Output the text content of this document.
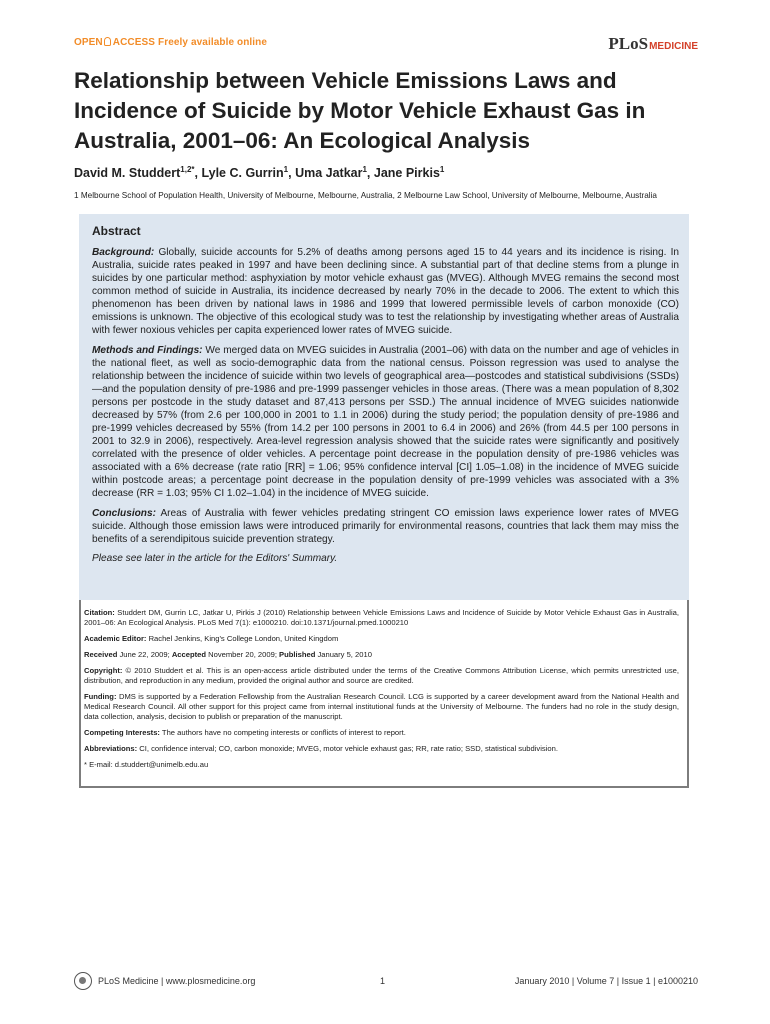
OPEN ACCESS Freely available online	PLoSMEDICINE
Relationship between Vehicle Emissions Laws and Incidence of Suicide by Motor Vehicle Exhaust Gas in Australia, 2001–06: An Ecological Analysis
David M. Studdert$^{1,2*}$, Lyle C. Gurrin$^1$, Uma Jatkar$^1$, Jane Pirkis$^1$
1 Melbourne School of Population Health, University of Melbourne, Melbourne, Australia, 2 Melbourne Law School, University of Melbourne, Melbourne, Australia
Abstract

Background: Globally, suicide accounts for 5.2% of deaths among persons aged 15 to 44 years and its incidence is rising. In Australia, suicide rates peaked in 1997 and have been declining since. A substantial part of that decline stems from a plunge in suicides by one particular method: asphyxiation by motor vehicle exhaust gas (MVEG). Although MVEG remains the second most common method of suicide in Australia, its incidence decreased by nearly 70% in the decade to 2006. The extent to which this phenomenon has been driven by national laws in 1986 and 1999 that lowered permissible levels of carbon monoxide (CO) emissions is unknown. The objective of this ecological study was to test the relationship by investigating whether areas of Australia with fewer noxious vehicles per capita experienced lower rates of MVEG suicide.

Methods and Findings: We merged data on MVEG suicides in Australia (2001–06) with data on the number and age of vehicles in the national fleet, as well as socio-demographic data from the national census. Poisson regression was used to analyse the relationship between the incidence of suicide within two levels of geographical area—postcodes and statistical subdivisions (SSDs)—and the population density of pre-1986 and pre-1999 passenger vehicles in those areas. (There was a mean population of 8,302 persons per postcode in the study dataset and 87,413 persons per SSD.) The annual incidence of MVEG suicides nationwide decreased by 57% (from 2.6 per 100,000 in 2001 to 1.1 in 2006) during the study period; the population density of pre-1986 and pre-1999 vehicles decreased by 55% (from 14.2 per 100 persons in 2001 to 6.4 in 2006) and 26% (from 44.5 per 100 persons in 2001 to 32.9 in 2006), respectively. Area-level regression analysis showed that the suicide rates were significantly and positively correlated with the presence of older vehicles. A percentage point decrease in the population density of pre-1986 vehicles was associated with a 6% decrease (rate ratio [RR] = 1.06; 95% confidence interval [CI] 1.05–1.08) in the incidence of MVEG suicide within postcode areas; a percentage point decrease in the population density of pre-1999 vehicles was associated with a 3% decrease (RR = 1.03; 95% CI 1.02–1.04) in the incidence of MVEG suicide.

Conclusions: Areas of Australia with fewer vehicles predating stringent CO emission laws experience lower rates of MVEG suicide. Although those emission laws were introduced primarily for environmental reasons, countries that lack them may miss the benefits of a serendipitous suicide prevention strategy.

Please see later in the article for the Editors' Summary.

Citation: Studdert DM, Gurrin LC, Jatkar U, Pirkis J (2010) Relationship between Vehicle Emissions Laws and Incidence of Suicide by Motor Vehicle Exhaust Gas in Australia, 2001–06: An Ecological Analysis. PLoS Med 7(1): e1000210. doi:10.1371/journal.pmed.1000210

Academic Editor: Rachel Jenkins, King's College London, United Kingdom

Received June 22, 2009; Accepted November 20, 2009; Published January 5, 2010

Copyright: © 2010 Studdert et al. This is an open-access article distributed under the terms of the Creative Commons Attribution License, which permits unrestricted use, distribution, and reproduction in any medium, provided the original author and source are credited.

Funding: DMS is supported by a Federation Fellowship from the Australian Research Council. LCG is supported by a career development award from the National Health and Medical Research Council. All other support for this project came from internal institutional funds at the University of Melbourne. The funders had no role in the study design, data collection, analysis, decision to publish or preparation of the manuscript.

Competing Interests: The authors have no competing interests or conflicts of interest to report.

Abbreviations: CI, confidence interval; CO, carbon monoxide; MVEG, motor vehicle exhaust gas; RR, rate ratio; SSD, statistical subdivision.

* E-mail: d.studdert@unimelb.edu.au

PLoS Medicine | www.plosmedicine.org	1	January 2010 | Volume 7 | Issue 1 | e1000210
